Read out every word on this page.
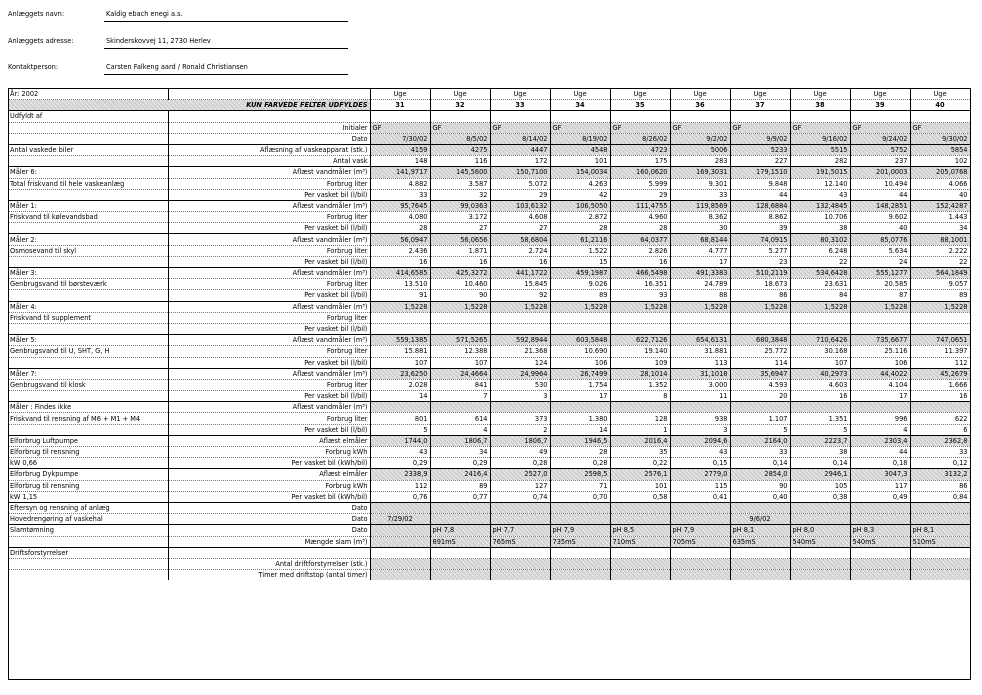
Anlæggets navn:	Kaldig ebach enegi a.s.
Anlæggets adresse:	Skinderskovvej 11, 2730 Herlev
Kontaktperson:	Carsten Falkeng aard / Ronald Christiansen
År: 2002		Uge	Uge	Uge	Uge	Uge	Uge	Uge	Uge	Uge	Uge
KUN FARVEDE FELTER UDFYLDES		31	32	33	34	35	36	37	38	39	40
Udfyldt af											
	Initialer	GF	GF	GF	GF	GF	GF	GF	GF	GF	GF
	Dato	7/30/02	8/5/02	8/14/02	8/19/02	8/26/02	9/2/02	9/9/02	9/16/02	9/24/02	9/30/02
Antal vaskede biler	Aflæsning af vaskeapparat (stk.)	4159	4275	4447	4548	4723	5006	5233	5515	5752	5854
	Antal vask	148	116	172	101	175	283	227	282	237	102
Måler 6:	Aflæst vandmåler (m³)	141,9717	145,5600	150,7100	154,0034	160,0620	169,3031	179,1510	191,5015	201,0003	205,0768
Total friskvand til hele vaskeanlæg	Forbrug liter	4.882	3.587	5.072	4.263	5.999	9.301	9.848	12.140	10.494	4.066
	Per vasket bil (l/bil)	33	32	29	42	29	33	44	43	44	40
Måler 1:	Aflæst vandmåler (m³)	95,7645	99,0363	103,6132	106,5050	111,4755	119,8569	128,6884	132,4845	148,2851	152,4287
Friskvand til kølevandsbad	Forbrug liter	4.080	3.172	4.608	2.872	4.960	8.362	8.862	10.706	9.602	1.443
	Per vasket bil (l/bil)	28	27	27	28	28	30	39	38	40	34
Måler 2:	Aflæst vandmåler (m³)	56,0947	56,0656	58,6804	61,2116	64,0377	68,8144	74,0915	80,3102	85,0776	88,1001
Osmosevand til skyl	Forbrug liter	2.436	1.871	2.724	1.522	2.826	4.777	5.277	6.248	5.634	2.222
	Per vasket bil (l/bil)	16	16	16	15	16	17	23	22	24	22
Måler 3:	Aflæst vandmåler (m³)	414,6585	425,3272	441,1722	459,1987	466,5498	491,3383	510,2119	534,6428	555,1277	564,1849
Genbrugsvand til børsteværk	Forbrug liter	13.510	10.460	15.845	9.026	16.351	24.789	18.673	23.631	20.585	9.057
	Per vasket bil (l/bil)	91	90	92	89	93	88	86	84	87	89
Måler 4:	Aflæst vandmåler (m³)	1,5228	1,5228	1,5228	1,5228	1,5228	1,5228	1,5228	1,5228	1,5228	1,5228
Friskvand til supplement	Forbrug liter										
	Per vasket bil (l/bil)										
Måler 5:	Aflæst vandmåler (m³)	559,1385	571,5265	592,8944	603,5848	622,7126	654,6131	680,3848	710,6426	735,6677	747,0651
Genbrugsvand til U, SHT, G, H	Forbrug liter	15.881	12.388	21.368	10.690	19.140	31.881	25.772	30.168	25.116	11.397
	Per vasket bil (l/bil)	107	107	124	106	109	113	114	107	106	112
Måler 7:	Aflæst vandmåler (m³)	23,6250	24,4664	24,9964	26,7499	28,1014	31,1018	35,6947	40,2973	44,4022	45,2679
Genbrugsvand til klosk	Forbrug liter	2.028	841	530	1.754	1.352	3.000	4.593	4.603	4.104	1.666
	Per vasket bil (l/bil)	14	7	3	17	8	11	20	16	17	16
Måler : Findes ikke	Aflæst vandmåler (m³)										
Friskvand til rensning af M6 + M1 + M4	Forbrug liter	801	614	373	1.380	128	938	1.107	1.351	996	622
	Per vasket bil (l/bil)	5	4	2	14	1	3	5	5	4	6
Elforbrug Luftpumpe	Aflæst elmåler	1744,0	1806,7	1806,7	1946,5	2016,4	2094,6	2164,0	2223,7	2303,4	2362,8
Elforbrug til rensning	Forbrug kWh	43	34	49	28	35	43	33	38	44	33
kW 0,66	Per vasket bil (kWh/bil)	0,29	0,29	0,28	0,28	0,22	0,15	0,14	0,14	0,18	0,12
Elforbrug Dykpumpe	Aflæst elmåler	2338,9	2416,4	2527,0	2598,5	2576,1	2779,0	2854,0	2946,1	3047,3	3132,2
Elforbrug til rensning	Forbrug kWh	112	89	127	71	101	115	90	105	117	86
kW 1,15	Per vasket bil (kWh/bil)	0,76	0,77	0,74	0,70	0,58	0,41	0,40	0,38	0,49	0,84
Eftersyn og rensning af anlæg	Dato										
Hovedrengøring af vaskehal	Dato	7/29/02						9/6/02			
Slamtømning	Dato		pH 7,8	pH 7,7	pH 7,9	pH 8,5	pH 7,9	pH 8,1	pH 8,0	pH 8,3	pH 8,1
	Mængde slam (m³)		891mS	765mS	735mS	710mS	705mS	635mS	540mS	540mS	510mS
Driftsforstyrrelser											
	Antal driftforstyrrelser (stk.)										
	Timer med driftstop (antal timer)										
